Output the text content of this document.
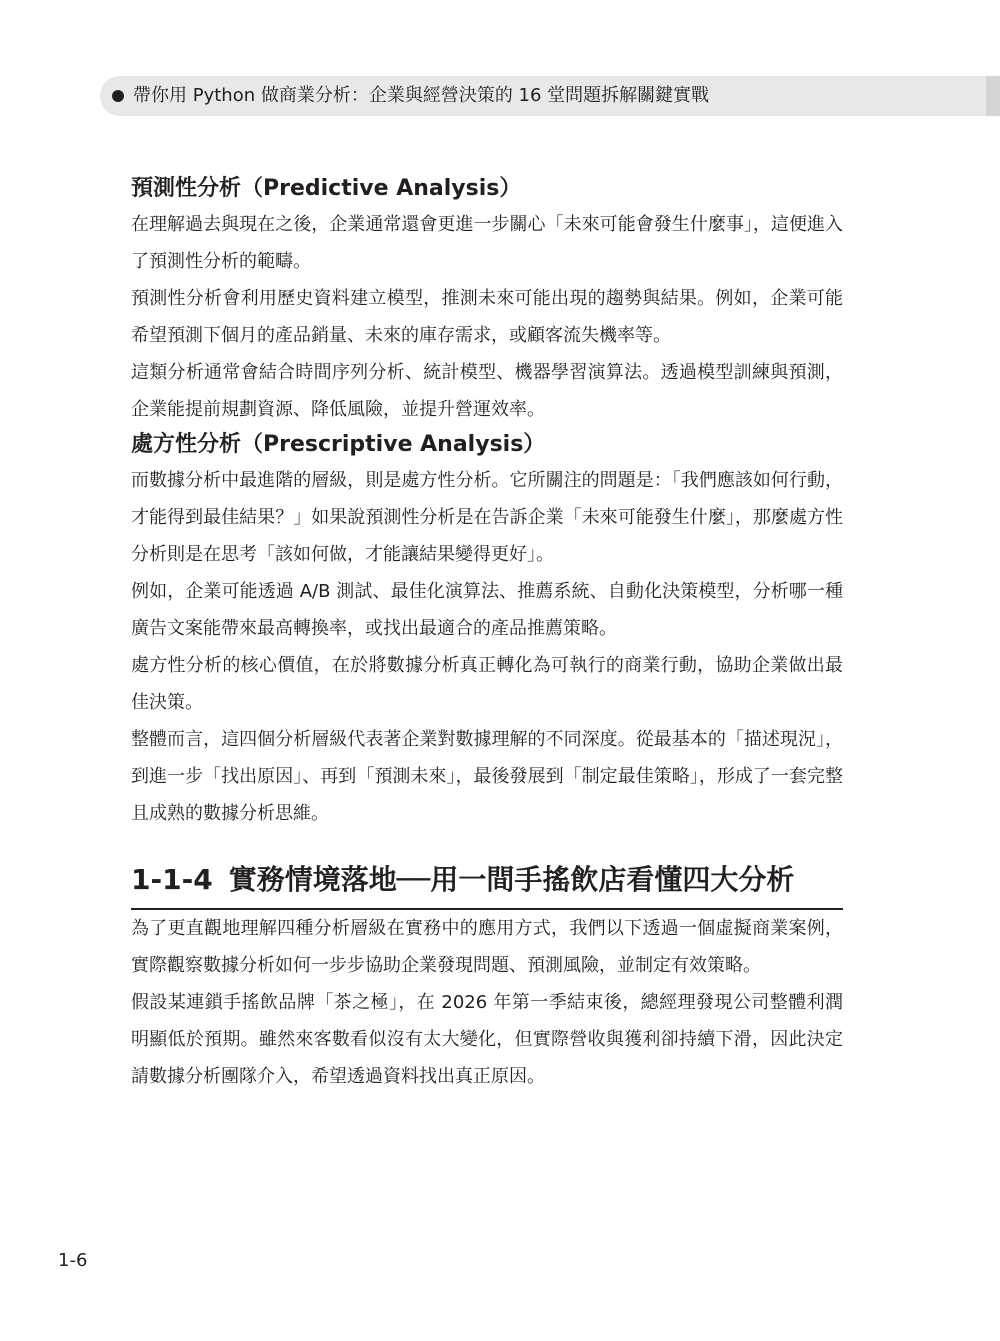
帶你用 Python 做商業分析：企業與經營決策的 16 堂問題拆解關鍵實戰
預測性分析（Predictive Analysis）

在理解過去與現在之後，企業通常還會更進一步關心「未來可能會發生什麼事」，這便進入了預測性分析的範疇。

預測性分析會利用歷史資料建立模型，推測未來可能出現的趨勢與結果。例如，企業可能希望預測下個月的產品銷量、未來的庫存需求，或顧客流失機率等。

這類分析通常會結合時間序列分析、統計模型、機器學習演算法。透過模型訓練與預測，企業能提前規劃資源、降低風險，並提升營運效率。

處方性分析（Prescriptive Analysis）

而數據分析中最進階的層級，則是處方性分析。它所關注的問題是：「我們應該如何行動，才能得到最佳結果？」如果說預測性分析是在告訴企業「未來可能發生什麼」，那麼處方性分析則是在思考「該如何做，才能讓結果變得更好」。

例如，企業可能透過 A/B 測試、最佳化演算法、推薦系統、自動化決策模型，分析哪一種廣告文案能帶來最高轉換率，或找出最適合的產品推薦策略。

處方性分析的核心價值，在於將數據分析真正轉化為可執行的商業行動，協助企業做出最佳決策。

整體而言，這四個分析層級代表著企業對數據理解的不同深度。從最基本的「描述現況」，到進一步「找出原因」、再到「預測未來」，最後發展到「制定最佳策略」，形成了一套完整且成熟的數據分析思維。

1-1-4 實務情境落地──用一間手搖飲店看懂四大分析

為了更直觀地理解四種分析層級在實務中的應用方式，我們以下透過一個虛擬商業案例，實際觀察數據分析如何一步步協助企業發現問題、預測風險，並制定有效策略。

假設某連鎖手搖飲品牌「茶之極」，在 2026 年第一季結束後，總經理發現公司整體利潤明顯低於預期。雖然來客數看似沒有太大變化，但實際營收與獲利卻持續下滑，因此決定請數據分析團隊介入，希望透過資料找出真正原因。

1-6
